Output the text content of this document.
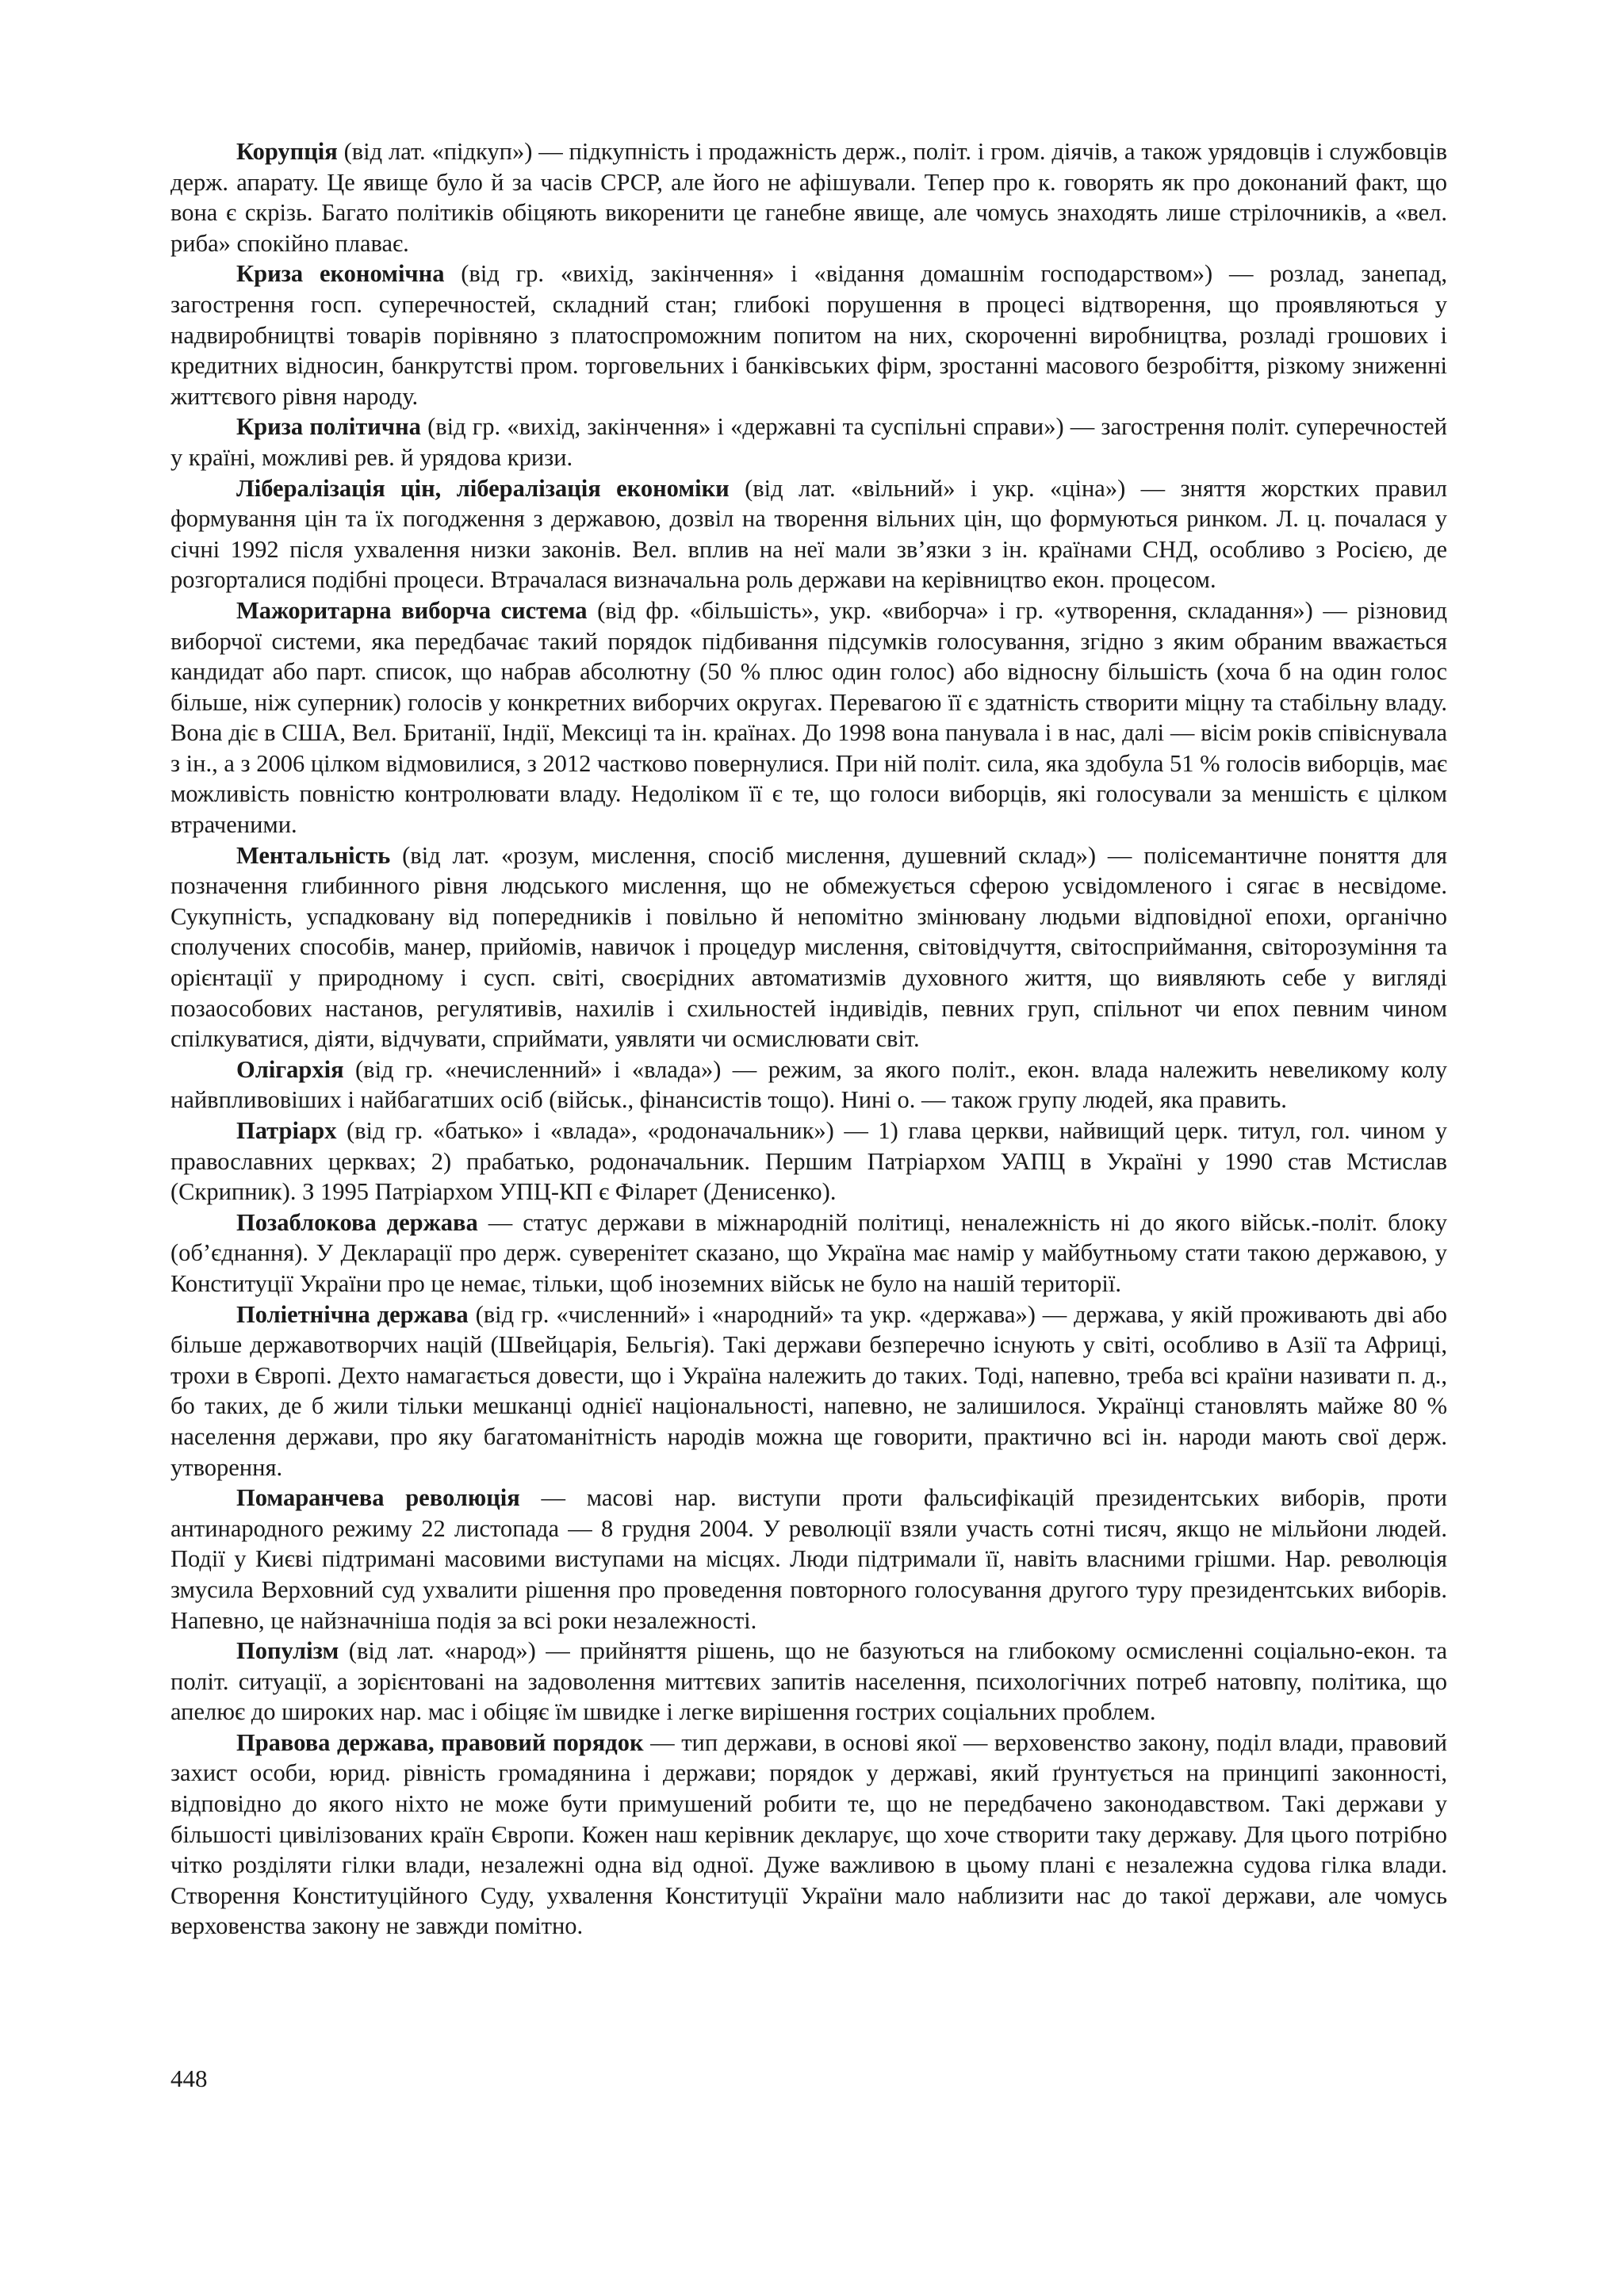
Корупція (від лат. «підкуп») — підкупність і продажність держ., політ. і гром. діячів, а також урядовців і службовців держ. апарату. Це явище було й за часів СРСР, але його не афішували. Тепер про к. говорять як про доконаний факт, що вона є скрізь. Багато політиків обіцяють викоренити це ганебне явище, але чомусь знаходять лише стрілочників, а «вел. риба» спокійно плаває.

Криза економічна (від гр. «вихід, закінчення» і «відання домашнім господарством») — розлад, занепад, загострення госп. суперечностей, складний стан; глибокі порушення в процесі відтворення, що проявляються у надвиробництві товарів порівняно з платоспроможним попитом на них, скороченні виробництва, розладі грошових і кредитних відносин, банкрутстві пром. торговельних і банківських фірм, зростанні масового безробіття, різкому зниженні життєвого рівня народу.

Криза політична (від гр. «вихід, закінчення» і «державні та суспільні справи») — загострення політ. суперечностей у країні, можливі рев. й урядова кризи.

Лібералізація цін, лібералізація економіки (від лат. «вільний» і укр. «ціна») — зняття жорстких правил формування цін та їх погодження з державою, дозвіл на творення вільних цін, що формуються ринком. Л. ц. почалася у січні 1992 після ухвалення низки законів. Вел. вплив на неї мали зв’язки з ін. країнами СНД, особливо з Росією, де розгорталися подібні процеси. Втрачалася визначальна роль держави на керівництво екон. процесом.

Мажоритарна виборча система (від фр. «більшість», укр. «виборча» і гр. «утворення, складання») — різновид виборчої системи, яка передбачає такий порядок підбивання підсумків голосування, згідно з яким обраним вважається кандидат або парт. список, що набрав абсолютну (50 % плюс один голос) або відносну більшість (хоча б на один голос більше, ніж суперник) голосів у конкретних виборчих округах. Перевагою її є здатність створити міцну та стабільну владу. Вона діє в США, Вел. Британії, Індії, Мексиці та ін. країнах. До 1998 вона панувала і в нас, далі — вісім років співіснувала з ін., а з 2006 цілком відмовилися, з 2012 частково повернулися. При ній політ. сила, яка здобула 51 % голосів виборців, має можливість повністю контролювати владу. Недоліком її є те, що голоси виборців, які голосували за меншість є цілком втраченими.

Ментальність (від лат. «розум, мислення, спосіб мислення, душевний склад») — полісемантичне поняття для позначення глибинного рівня людського мислення, що не обмежується сферою усвідомленого і сягає в несвідоме. Сукупність, успадковану від попередників і повільно й непомітно змінювану людьми відповідної епохи, органічно сполучених способів, манер, прийомів, навичок і процедур мислення, світовідчуття, світосприймання, світорозуміння та орієнтації у природному і сусп. світі, своєрідних автоматизмів духовного життя, що виявляють себе у вигляді позаособових настанов, регулятивів, нахилів і схильностей індивідів, певних груп, спільнот чи епох певним чином спілкуватися, діяти, відчувати, сприймати, уявляти чи осмислювати світ.

Олігархія (від гр. «нечисленний» і «влада») — режим, за якого політ., екон. влада належить невеликому колу найвпливовіших і найбагатших осіб (військ., фінансистів тощо). Нині о. — також групу людей, яка править.

Патріарх (від гр. «батько» і «влада», «родоначальник») — 1) глава церкви, найвищий церк. титул, гол. чином у православних церквах; 2) прабатько, родоначальник. Першим Патріархом УАПЦ в Україні у 1990 став Мстислав (Скрипник). З 1995 Патріархом УПЦ-КП є Філарет (Денисенко).

Позаблокова держава — статус держави в міжнародній політиці, неналежність ні до якого військ.-політ. блоку (об’єднання). У Декларації про держ. суверенітет сказано, що Україна має намір у майбутньому стати такою державою, у Конституції України про це немає, тільки, щоб іноземних військ не було на нашій території.

Поліетнічна держава (від гр. «численний» і «народний» та укр. «держава») — держава, у якій проживають дві або більше державотворчих націй (Швейцарія, Бельгія). Такі держави безперечно існують у світі, особливо в Азії та Африці, трохи в Європі. Дехто намагається довести, що і Україна належить до таких. Тоді, напевно, треба всі країни називати п. д., бо таких, де б жили тільки мешканці однієї національності, напевно, не залишилося. Українці становлять майже 80 % населення держави, про яку багатоманітність народів можна ще говорити, практично всі ін. народи мають свої держ. утворення.

Помаранчева революція — масові нар. виступи проти фальсифікацій президентських виборів, проти антинародного режиму 22 листопада — 8 грудня 2004. У революції взяли участь сотні тисяч, якщо не мільйони людей. Події у Києві підтримані масовими виступами на місцях. Люди підтримали її, навіть власними грішми. Нар. революція змусила Верховний суд ухвалити рішення про проведення повторного голосування другого туру президентських виборів. Напевно, це найзначніша подія за всі роки незалежності.

Популізм (від лат. «народ») — прийняття рішень, що не базуються на глибокому осмисленні соціально-екон. та політ. ситуації, а зорієнтовані на задоволення миттєвих запитів населення, психологічних потреб натовпу, політика, що апелює до широких нар. мас і обіцяє їм швидке і легке вирішення гострих соціальних проблем.

Правова держава, правовий порядок — тип держави, в основі якої — верховенство закону, поділ влади, правовий захист особи, юрид. рівність громадянина і держави; порядок у державі, який ґрунтується на принципі законності, відповідно до якого ніхто не може бути примушений робити те, що не передбачено законодавством. Такі держави у більшості цивілізованих країн Європи. Кожен наш керівник декларує, що хоче створити таку державу. Для цього потрібно чітко розділяти гілки влади, незалежні одна від одної. Дуже важливою в цьому плані є незалежна судова гілка влади. Створення Конституційного Суду, ухвалення Конституції України мало наблизити нас до такої держави, але чомусь верховенства закону не завжди помітно.

448
